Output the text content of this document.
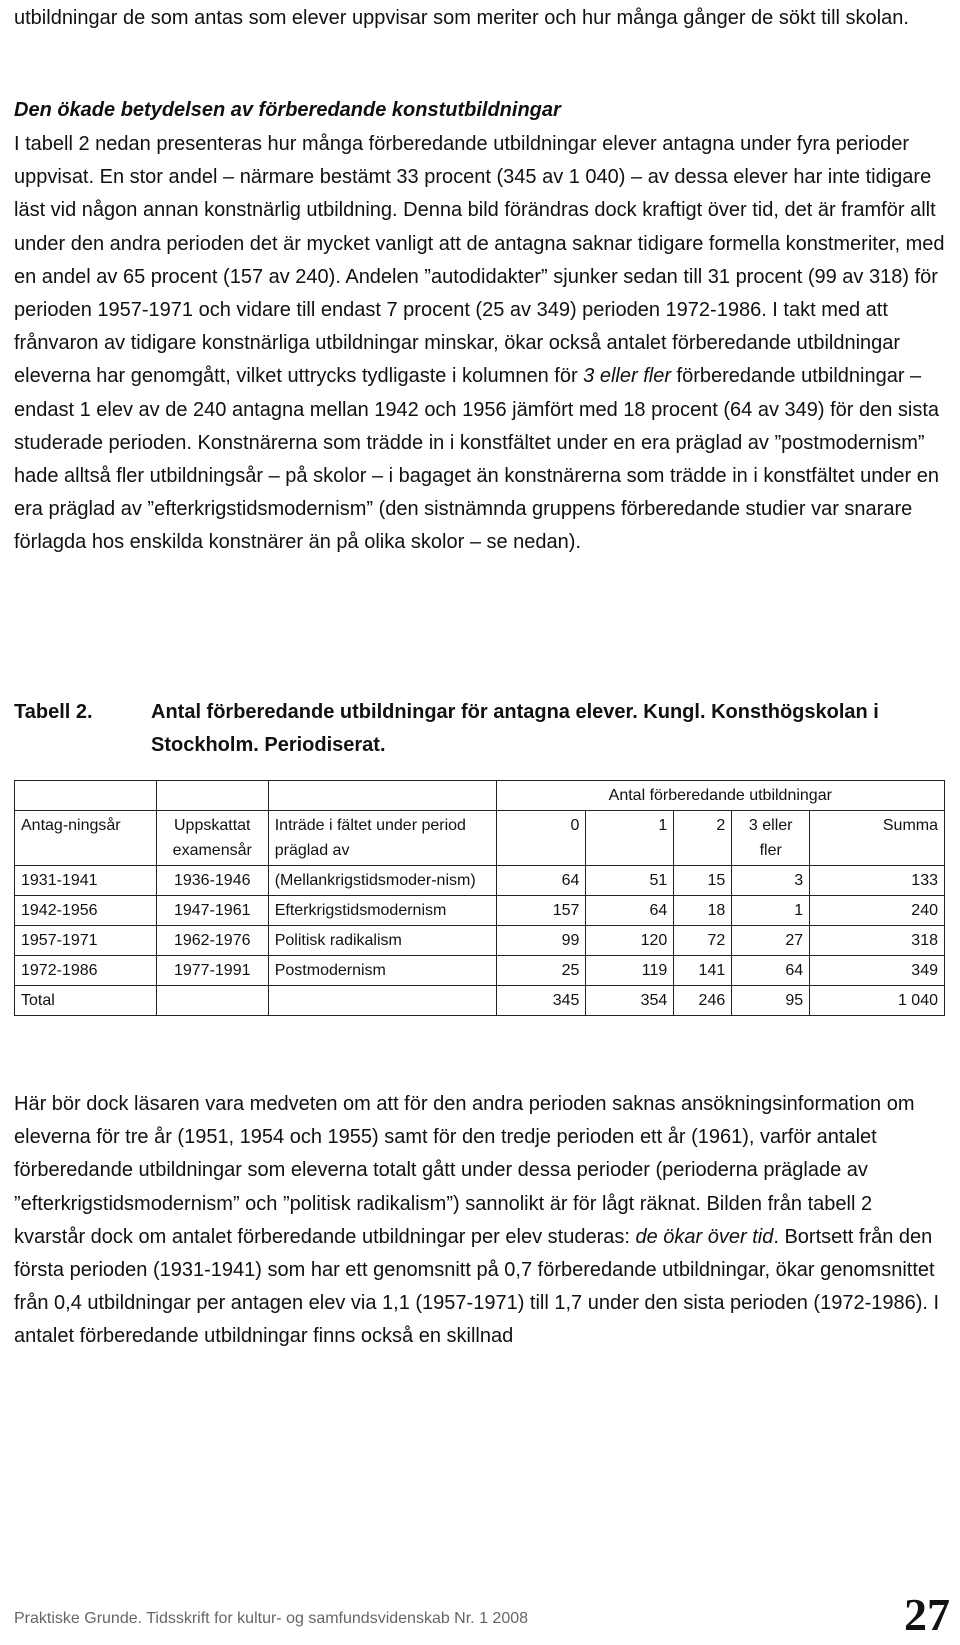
utbildningar de som antas som elever uppvisar som meriter och hur många gånger de sökt till skolan.

Den ökade betydelsen av förberedande konstutbildningar

I tabell 2 nedan presenteras hur många förberedande utbildningar elever antagna under fyra perioder uppvisat. En stor andel – närmare bestämt 33 procent (345 av 1 040) – av dessa elever har inte tidigare läst vid någon annan konstnärlig utbildning. Denna bild förändras dock kraftigt över tid, det är framför allt under den andra perioden det är mycket vanligt att de antagna saknar tidigare formella konstmeriter, med en andel av 65 procent (157 av 240). Andelen ”autodidakter” sjunker sedan till 31 procent (99 av 318) för perioden 1957-1971 och vidare till endast 7 procent (25 av 349) perioden 1972-1986. I takt med att frånvaron av tidigare konstnärliga utbildningar minskar, ökar också antalet förberedande utbildningar eleverna har genomgått, vilket uttrycks tydligaste i kolumnen för 3 eller fler förberedande utbildningar – endast 1 elev av de 240 antagna mellan 1942 och 1956 jämfört med 18 procent (64 av 349) för den sista studerade perioden. Konstnärerna som trädde in i konstfältet under en era präglad av ”postmodernism” hade alltså fler utbildningsår – på skolor – i bagaget än konstnärerna som trädde in i konstfältet under en era präglad av ”efterkrigstidsmodernism” (den sistnämnda gruppens förberedande studier var snarare förlagda hos enskilda konstnärer än på olika skolor – se nedan).

Tabell 2.	Antal förberedande utbildningar för antagna elever. Kungl. Konsthögskolan i Stockholm. Periodiserat.
			Antal förberedande utbildningar				
Antag-ningsår	Uppskattat examensår	Inträde i fältet under period präglad av	0	1	2	3 eller fler	Summa
1931-1941	1936-1946	(Mellankrigstidsmoder-nism)	64	51	15	3	133
1942-1956	1947-1961	Efterkrigstidsmodernism	157	64	18	1	240
1957-1971	1962-1976	Politisk radikalism	99	120	72	27	318
1972-1986	1977-1991	Postmodernism	25	119	141	64	349
Total			345	354	246	95	1 040

Här bör dock läsaren vara medveten om att för den andra perioden saknas ansökningsinformation om eleverna för tre år (1951, 1954 och 1955) samt för den tredje perioden ett år (1961), varför antalet förberedande utbildningar som eleverna totalt gått under dessa perioder (perioderna präglade av ”efterkrigstidsmodernism” och ”politisk radikalism”) sannolikt är för lågt räknat. Bilden från tabell 2 kvarstår dock om antalet förberedande utbildningar per elev studeras: de ökar över tid. Bortsett från den första perioden (1931-1941) som har ett genomsnitt på 0,7 förberedande utbildningar, ökar genomsnittet från 0,4 utbildningar per antagen elev via 1,1 (1957-1971) till 1,7 under den sista perioden (1972-1986). I antalet förberedande utbildningar finns också en skillnad

Praktiske Grunde. Tidsskrift for kultur- og samfundsvidenskab Nr. 1 2008	27
